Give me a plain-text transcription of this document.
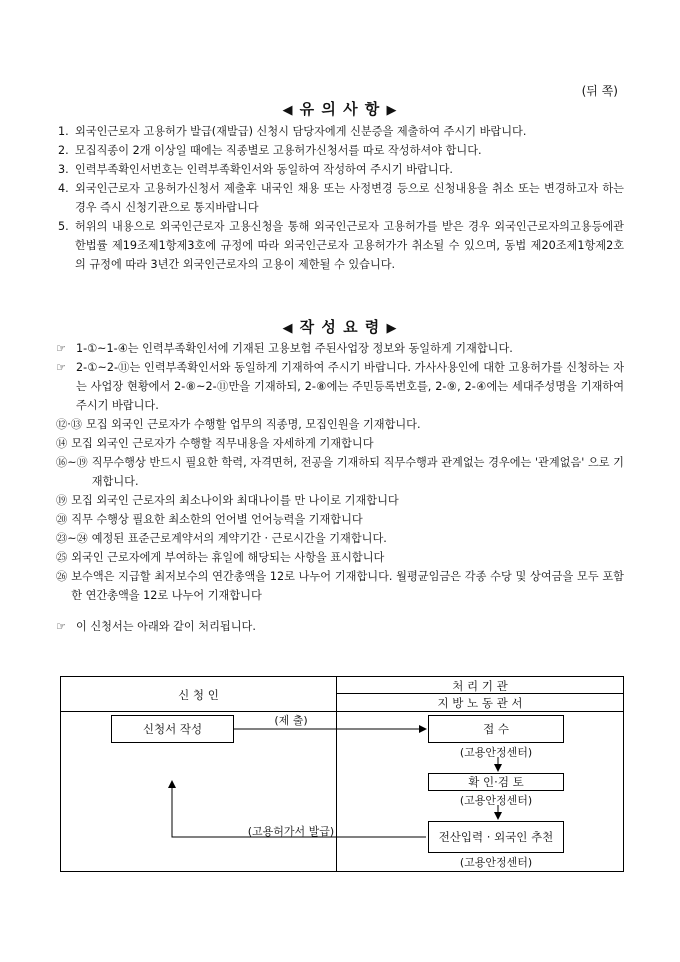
(뒤 쪽)
◀ 유 의 사 항 ▶
1. 외국인근로자 고용허가 발급(재발급) 신청시 담당자에게 신분증을 제출하여 주시기 바랍니다.
2. 모집직종이 2개 이상일 때에는 직종별로 고용허가신청서를 따로 작성하셔야 합니다.
3. 인력부족확인서번호는 인력부족확인서와 동일하여 작성하여 주시기 바랍니다.
4. 외국인근로자 고용허가신청서 제출후 내국인 채용 또는 사정변경 등으로 신청내용을 취소 또는 변경하고자 하는 경우 즉시 신청기관으로 통지바랍니다
5. 허위의 내용으로 외국인근로자 고용신청을 통해 외국인근로자 고용허가를 받은 경우 외국인근로자의고용등에관한법률 제19조제1항제3호에 규정에 따라 외국인근로자 고용허가가 취소될 수 있으며, 동법 제20조제1항제2호의 규정에 따라 3년간 외국인근로자의 고용이 제한될 수 있습니다.
◀ 작 성 요 령 ▶
☞ 1-①~1-④는 인력부족확인서에 기재된 고용보험 주된사업장 정보와 동일하게 기재합니다.
☞ 2-①~2-⑪는 인력부족확인서와 동일하게 기재하여 주시기 바랍니다. 가사사용인에 대한 고용허가를 신청하는 자는 사업장 현황에서 2-⑧~2-⑪만을 기재하되, 2-⑧에는 주민등록번호를, 2-⑨, 2-④에는 세대주성명을 기재하여 주시기 바랍니다.
⑫·⑬ 모집 외국인 근로자가 수행할 업무의 직종명, 모집인원을 기재합니다.
⑭ 모집 외국인 근로자가 수행할 직무내용을 자세하게 기재합니다
⑯~⑲ 직무수행상 반드시 필요한 학력, 자격면허, 전공을 기재하되 직무수행과 관계없는 경우에는 '관계없음' 으로 기재합니다.
⑲ 모집 외국인 근로자의 최소나이와 최대나이를 만 나이로 기재합니다
⑳ 직무 수행상 필요한 최소한의 언어별 언어능력을 기재합니다
㉓~㉔ 예정된 표준근로계약서의 계약기간 · 근로시간을 기재합니다.
㉕ 외국인 근로자에게 부여하는 휴일에 해당되는 사항을 표시합니다
㉖ 보수액은 지급할 최저보수의 연간총액을 12로 나누어 기재합니다. 월평균임금은 각종 수당 및 상여금을 모두 포함한 연간총액을 12로 나누어 기재합니다
☞ 이 신청서는 아래와 같이 처리됩니다.
신 청 인
처 리 기 관
지 방 노 동 관 서
신청서 작성
(제 출)
접 수
(고용안정센터)
확 인·검 토
(고용안정센터)
전산입력 · 외국인 추천
(고용안정센터)
(고용허가서 발급)
